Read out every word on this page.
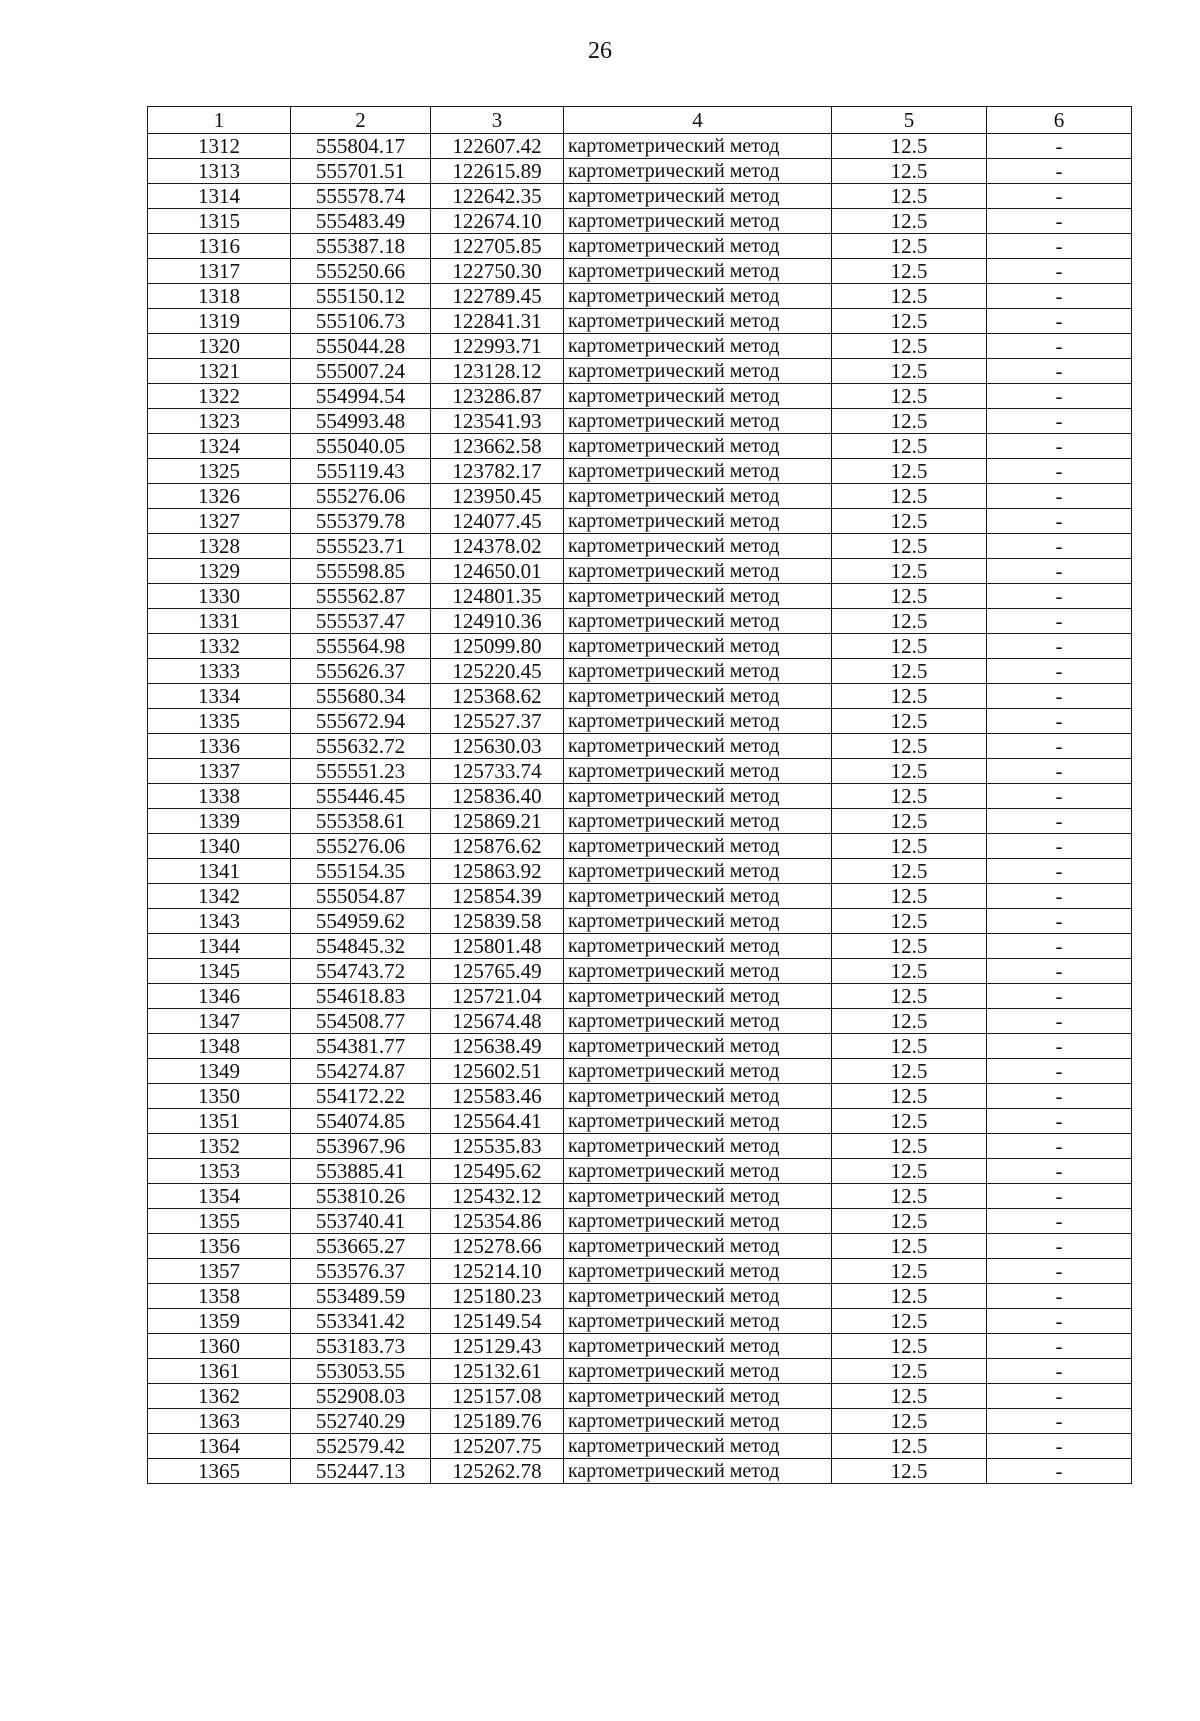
26
1	2	3	4	5	6
1312	555804.17	122607.42	картометрический метод	12.5	-
1313	555701.51	122615.89	картометрический метод	12.5	-
1314	555578.74	122642.35	картометрический метод	12.5	-
1315	555483.49	122674.10	картометрический метод	12.5	-
1316	555387.18	122705.85	картометрический метод	12.5	-
1317	555250.66	122750.30	картометрический метод	12.5	-
1318	555150.12	122789.45	картометрический метод	12.5	-
1319	555106.73	122841.31	картометрический метод	12.5	-
1320	555044.28	122993.71	картометрический метод	12.5	-
1321	555007.24	123128.12	картометрический метод	12.5	-
1322	554994.54	123286.87	картометрический метод	12.5	-
1323	554993.48	123541.93	картометрический метод	12.5	-
1324	555040.05	123662.58	картометрический метод	12.5	-
1325	555119.43	123782.17	картометрический метод	12.5	-
1326	555276.06	123950.45	картометрический метод	12.5	-
1327	555379.78	124077.45	картометрический метод	12.5	-
1328	555523.71	124378.02	картометрический метод	12.5	-
1329	555598.85	124650.01	картометрический метод	12.5	-
1330	555562.87	124801.35	картометрический метод	12.5	-
1331	555537.47	124910.36	картометрический метод	12.5	-
1332	555564.98	125099.80	картометрический метод	12.5	-
1333	555626.37	125220.45	картометрический метод	12.5	-
1334	555680.34	125368.62	картометрический метод	12.5	-
1335	555672.94	125527.37	картометрический метод	12.5	-
1336	555632.72	125630.03	картометрический метод	12.5	-
1337	555551.23	125733.74	картометрический метод	12.5	-
1338	555446.45	125836.40	картометрический метод	12.5	-
1339	555358.61	125869.21	картометрический метод	12.5	-
1340	555276.06	125876.62	картометрический метод	12.5	-
1341	555154.35	125863.92	картометрический метод	12.5	-
1342	555054.87	125854.39	картометрический метод	12.5	-
1343	554959.62	125839.58	картометрический метод	12.5	-
1344	554845.32	125801.48	картометрический метод	12.5	-
1345	554743.72	125765.49	картометрический метод	12.5	-
1346	554618.83	125721.04	картометрический метод	12.5	-
1347	554508.77	125674.48	картометрический метод	12.5	-
1348	554381.77	125638.49	картометрический метод	12.5	-
1349	554274.87	125602.51	картометрический метод	12.5	-
1350	554172.22	125583.46	картометрический метод	12.5	-
1351	554074.85	125564.41	картометрический метод	12.5	-
1352	553967.96	125535.83	картометрический метод	12.5	-
1353	553885.41	125495.62	картометрический метод	12.5	-
1354	553810.26	125432.12	картометрический метод	12.5	-
1355	553740.41	125354.86	картометрический метод	12.5	-
1356	553665.27	125278.66	картометрический метод	12.5	-
1357	553576.37	125214.10	картометрический метод	12.5	-
1358	553489.59	125180.23	картометрический метод	12.5	-
1359	553341.42	125149.54	картометрический метод	12.5	-
1360	553183.73	125129.43	картометрический метод	12.5	-
1361	553053.55	125132.61	картометрический метод	12.5	-
1362	552908.03	125157.08	картометрический метод	12.5	-
1363	552740.29	125189.76	картометрический метод	12.5	-
1364	552579.42	125207.75	картометрический метод	12.5	-
1365	552447.13	125262.78	картометрический метод	12.5	-
